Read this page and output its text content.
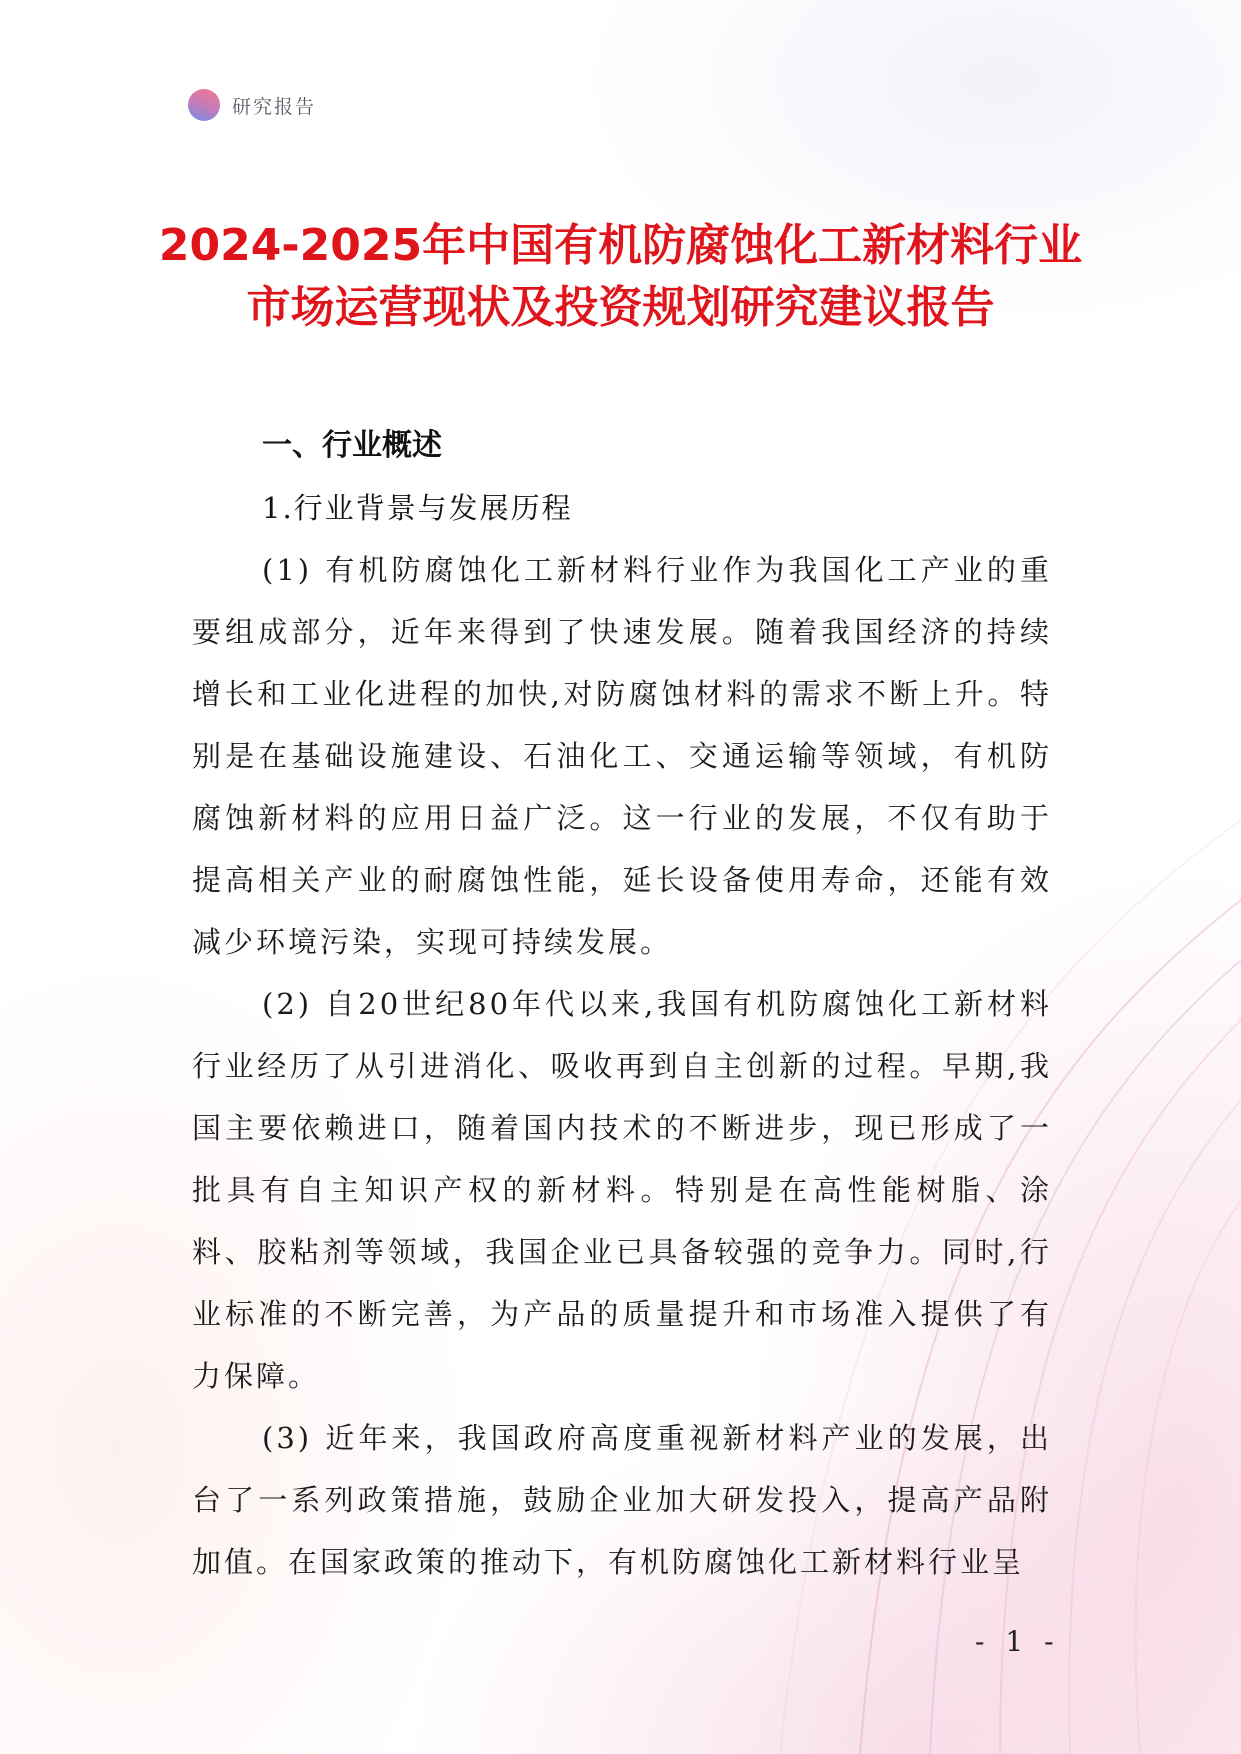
研究报告
2024-2025年中国有机防腐蚀化工新材料行业市场运营现状及投资规划研究建议报告

一、行业概述

1.行业背景与发展历程

(1) 有机防腐蚀化工新材料行业作为我国化工产业的重要组成部分，近年来得到了快速发展。随着我国经济的持续增长和工业化进程的加快,对防腐蚀材料的需求不断上升。特别是在基础设施建设、石油化工、交通运输等领域，有机防腐蚀新材料的应用日益广泛。这一行业的发展，不仅有助于提高相关产业的耐腐蚀性能，延长设备使用寿命，还能有效减少环境污染，实现可持续发展。

(2) 自20世纪80年代以来,我国有机防腐蚀化工新材料行业经历了从引进消化、吸收再到自主创新的过程。早期,我国主要依赖进口，随着国内技术的不断进步，现已形成了一批具有自主知识产权的新材料。特别是在高性能树脂、涂料、胶粘剂等领域，我国企业已具备较强的竞争力。同时,行业标准的不断完善，为产品的质量提升和市场准入提供了有力保障。

(3) 近年来，我国政府高度重视新材料产业的发展，出台了一系列政策措施，鼓励企业加大研发投入，提高产品附加值。在国家政策的推动下，有机防腐蚀化工新材料行业呈

- 1 -
